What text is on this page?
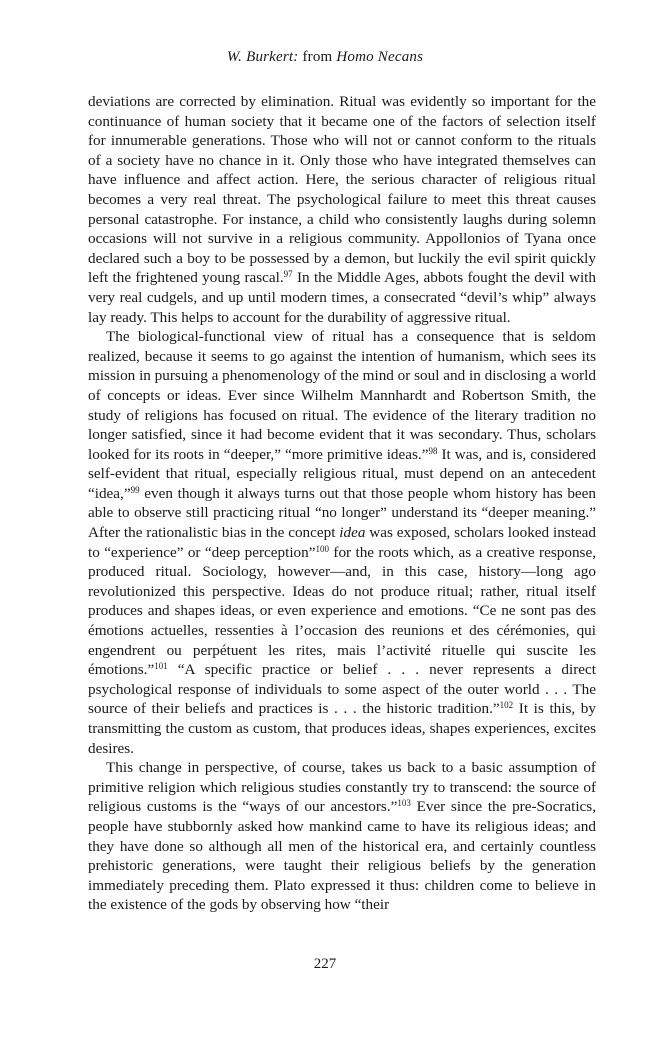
W. Burkert: from Homo Necans

deviations are corrected by elimination. Ritual was evidently so important for the continuance of human society that it became one of the factors of selection itself for innumerable generations. Those who will not or cannot conform to the rituals of a society have no chance in it. Only those who have integrated themselves can have influence and affect action. Here, the serious character of religious ritual becomes a very real threat. The psychological failure to meet this threat causes personal catastrophe. For instance, a child who consistently laughs during solemn occasions will not survive in a religious community. Appollonios of Tyana once declared such a boy to be possessed by a demon, but luckily the evil spirit quickly left the frightened young rascal.$^{97}$ In the Middle Ages, abbots fought the devil with very real cudgels, and up until modern times, a consecrated “devil’s whip” always lay ready. This helps to account for the durability of aggressive ritual.

The biological-functional view of ritual has a consequence that is seldom realized, because it seems to go against the intention of humanism, which sees its mission in pursuing a phenomenology of the mind or soul and in disclosing a world of concepts or ideas. Ever since Wilhelm Mannhardt and Robertson Smith, the study of religions has focused on ritual. The evidence of the literary tradition no longer satisfied, since it had become evident that it was secondary. Thus, scholars looked for its roots in “deeper,” “more primitive ideas.”$^{98}$ It was, and is, considered self-evident that ritual, especially religious ritual, must depend on an antecedent “idea,”$^{99}$ even though it always turns out that those people whom history has been able to observe still practicing ritual “no longer” understand its “deeper meaning.” After the rationalistic bias in the concept idea was exposed, scholars looked instead to “experience” or “deep perception”$^{100}$ for the roots which, as a creative response, produced ritual. Sociology, however—and, in this case, history—long ago revolutionized this perspective. Ideas do not produce ritual; rather, ritual itself produces and shapes ideas, or even experience and emotions. “Ce ne sont pas des émotions actuelles, ressenties à l’occasion des reunions et des cérémonies, qui engendrent ou perpétuent les rites, mais l’activité rituelle qui suscite les émotions.”$^{101}$ “A specific practice or belief . . . never represents a direct psychological response of individuals to some aspect of the outer world . . . The source of their beliefs and practices is . . . the historic tradition.”$^{102}$ It is this, by transmitting the custom as custom, that produces ideas, shapes experiences, excites desires.

This change in perspective, of course, takes us back to a basic assumption of primitive religion which religious studies constantly try to transcend: the source of religious customs is the “ways of our ancestors.”$^{103}$ Ever since the pre-Socratics, people have stubbornly asked how mankind came to have its religious ideas; and they have done so although all men of the historical era, and certainly countless prehistoric generations, were taught their religious beliefs by the generation immediately preceding them. Plato expressed it thus: children come to believe in the existence of the gods by observing how “their

227
